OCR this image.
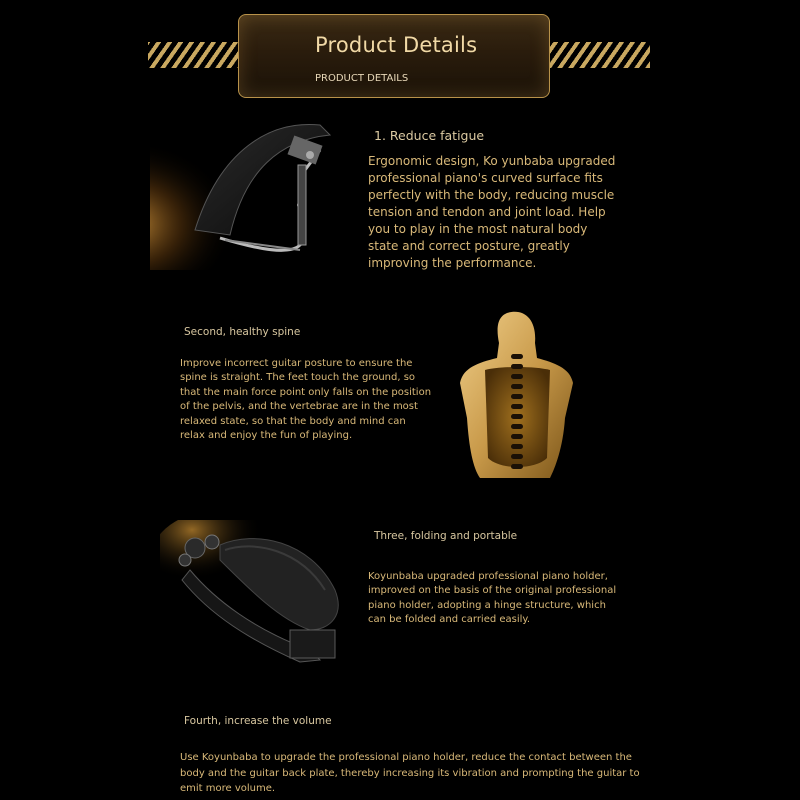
Product Details
PRODUCT DETAILS
1. Reduce fatigue
Ergonomic design, Ko yunbaba upgraded professional piano's curved surface fits perfectly with the body, reducing muscle tension and tendon and joint load. Help you to play in the most natural body state and correct posture, greatly improving the performance.
Second, healthy spine
Improve incorrect guitar posture to ensure the spine is straight. The feet touch the ground, so that the main force point only falls on the position of the pelvis, and the vertebrae are in the most relaxed state, so that the body and mind can relax and enjoy the fun of playing.
Three, folding and portable
Koyunbaba upgraded professional piano holder, improved on the basis of the original professional piano holder, adopting a hinge structure, which can be folded and carried easily.
Fourth, increase the volume
Use Koyunbaba to upgrade the professional piano holder, reduce the contact between the body and the guitar back plate, thereby increasing its vibration and prompting the guitar to emit more volume.
